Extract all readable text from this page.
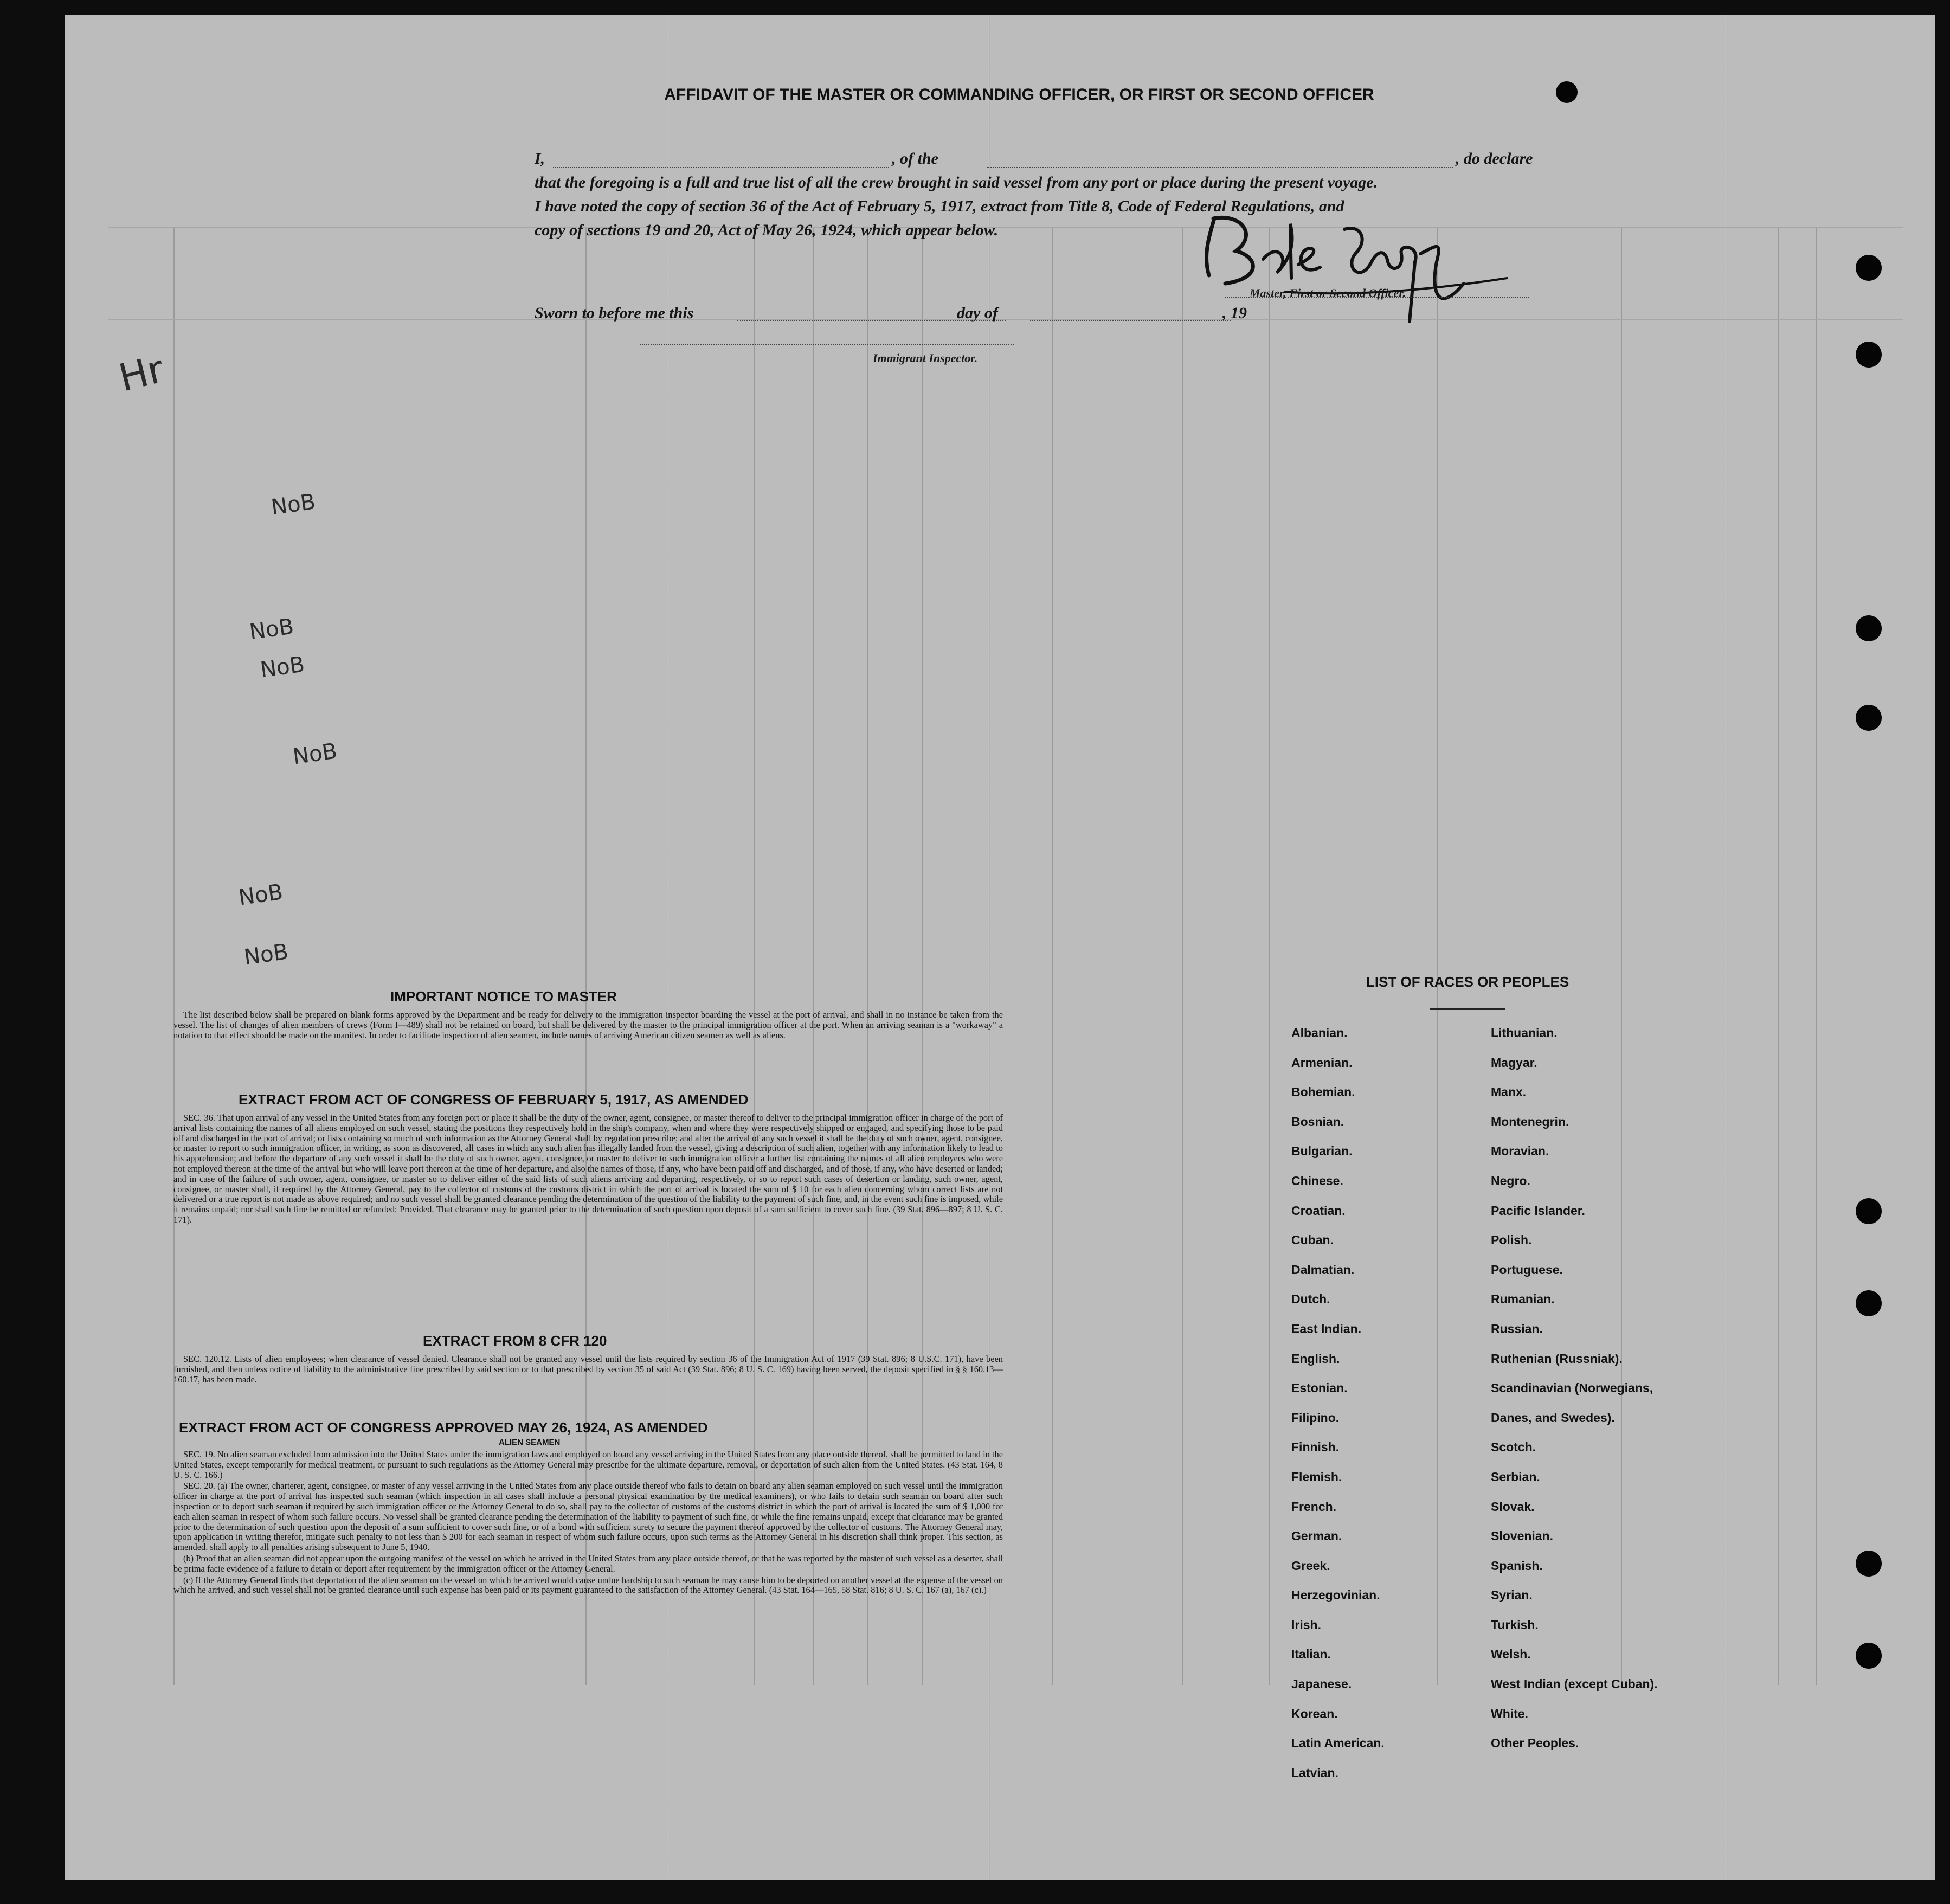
AFFIDAVIT OF THE MASTER OR COMMANDING OFFICER, OR FIRST OR SECOND OFFICER
I,	, of the	, do declare
that the foregoing is a full and true list of all the crew brought in said vessel from any port or place during the present voyage.
I have noted the copy of section 36 of the Act of February 5, 1917, extract from Title 8, Code of Federal Regulations, and
copy of sections 19 and 20, Act of May 26, 1924, which appear below.
Master, First or Second Officer.
Sworn to before me this	day of	, 19
Immigrant Inspector.
Hr
NoB
NoB
NoB
NoB
NoB
NoB
IMPORTANT NOTICE TO MASTER

The list described below shall be prepared on blank forms approved by the Department and be ready for delivery to the immigration inspector boarding the vessel at the port of arrival, and shall in no instance be taken from the vessel. The list of changes of alien members of crews (Form I—489) shall not be retained on board, but shall be delivered by the master to the principal immigration officer at the port. When an arriving seaman is a "workaway" a notation to that effect should be made on the manifest. In order to facilitate inspection of alien seamen, include names of arriving American citizen seamen as well as aliens.

EXTRACT FROM ACT OF CONGRESS OF FEBRUARY 5, 1917, AS AMENDED

SEC. 36. That upon arrival of any vessel in the United States from any foreign port or place it shall be the duty of the owner, agent, consignee, or master thereof to deliver to the principal immigration officer in charge of the port of arrival lists containing the names of all aliens employed on such vessel, stating the positions they respectively hold in the ship's company, when and where they were respectively shipped or engaged, and specifying those to be paid off and discharged in the port of arrival; or lists containing so much of such information as the Attorney General shall by regulation prescribe; and after the arrival of any such vessel it shall be the duty of such owner, agent, consignee, or master to report to such immigration officer, in writing, as soon as discovered, all cases in which any such alien has illegally landed from the vessel, giving a description of such alien, together with any information likely to lead to his apprehension; and before the departure of any such vessel it shall be the duty of such owner, agent, consignee, or master to deliver to such immigration officer a further list containing the names of all alien employees who were not employed thereon at the time of the arrival but who will leave port thereon at the time of her departure, and also the names of those, if any, who have been paid off and discharged, and of those, if any, who have deserted or landed; and in case of the failure of such owner, agent, consignee, or master so to deliver either of the said lists of such aliens arriving and departing, respectively, or so to report such cases of desertion or landing, such owner, agent, consignee, or master shall, if required by the Attorney General, pay to the collector of customs of the customs district in which the port of arrival is located the sum of $ 10 for each alien concerning whom correct lists are not delivered or a true report is not made as above required; and no such vessel shall be granted clearance pending the determination of the question of the liability to the payment of such fine, and, in the event such fine is imposed, while it remains unpaid; nor shall such fine be remitted or refunded: Provided. That clearance may be granted prior to the determination of such question upon deposit of a sum sufficient to cover such fine. (39 Stat. 896—897; 8 U. S. C. 171).

EXTRACT FROM 8 CFR 120

SEC. 120.12. Lists of alien employees; when clearance of vessel denied. Clearance shall not be granted any vessel until the lists required by section 36 of the Immigration Act of 1917 (39 Stat. 896; 8 U.S.C. 171), have been furnished, and then unless notice of liability to the administrative fine prescribed by said section or to that prescribed by section 35 of said Act (39 Stat. 896; 8 U. S. C. 169) having been served, the deposit specified in § § 160.13—160.17, has been made.

EXTRACT FROM ACT OF CONGRESS APPROVED MAY 26, 1924, AS AMENDED
ALIEN SEAMEN

SEC. 19. No alien seaman excluded from admission into the United States under the immigration laws and employed on board any vessel arriving in the United States from any place outside thereof, shall be permitted to land in the United States, except temporarily for medical treatment, or pursuant to such regulations as the Attorney General may prescribe for the ultimate departure, removal, or deportation of such alien from the United States. (43 Stat. 164, 8 U. S. C. 166.)

SEC. 20. (a) The owner, charterer, agent, consignee, or master of any vessel arriving in the United States from any place outside thereof who fails to detain on board any alien seaman employed on such vessel until the immigration officer in charge at the port of arrival has inspected such seaman (which inspection in all cases shall include a personal physical examination by the medical examiners), or who fails to detain such seaman on board after such inspection or to deport such seaman if required by such immigration officer or the Attorney General to do so, shall pay to the collector of customs of the customs district in which the port of arrival is located the sum of $ 1,000 for each alien seaman in respect of whom such failure occurs. No vessel shall be granted clearance pending the determination of the liability to payment of such fine, or while the fine remains unpaid, except that clearance may be granted prior to the determination of such question upon the deposit of a sum sufficient to cover such fine, or of a bond with sufficient surety to secure the payment thereof approved by the collector of customs. The Attorney General may, upon application in writing therefor, mitigate such penalty to not less than $ 200 for each seaman in respect of whom such failure occurs, upon such terms as the Attorney General in his discretion shall think proper. This section, as amended, shall apply to all penalties arising subsequent to June 5, 1940.

(b) Proof that an alien seaman did not appear upon the outgoing manifest of the vessel on which he arrived in the United States from any place outside thereof, or that he was reported by the master of such vessel as a deserter, shall be prima facie evidence of a failure to detain or deport after requirement by the immigration officer or the Attorney General.

(c) If the Attorney General finds that deportation of the alien seaman on the vessel on which he arrived would cause undue hardship to such seaman he may cause him to be deported on another vessel at the expense of the vessel on which he arrived, and such vessel shall not be granted clearance until such expense has been paid or its payment guaranteed to the satisfaction of the Attorney General. (43 Stat. 164—165, 58 Stat. 816; 8 U. S. C. 167 (a), 167 (c).)

LIST OF RACES OR PEOPLES
Albanian.
Armenian.
Bohemian.
Bosnian.
Bulgarian.
Chinese.
Croatian.
Cuban.
Dalmatian.
Dutch.
East Indian.
English.
Estonian.
Filipino.
Finnish.
Flemish.
French.
German.
Greek.
Herzegovinian.
Irish.
Italian.
Japanese.
Korean.
Latin American.
Latvian.
Lithuanian.
Magyar.
Manx.
Montenegrin.
Moravian.
Negro.
Pacific Islander.
Polish.
Portuguese.
Rumanian.
Russian.
Ruthenian (Russniak).
Scandinavian (Norwegians,
Danes, and Swedes).
Scotch.
Serbian.
Slovak.
Slovenian.
Spanish.
Syrian.
Turkish.
Welsh.
West Indian (except Cuban).
White.
Other Peoples.
